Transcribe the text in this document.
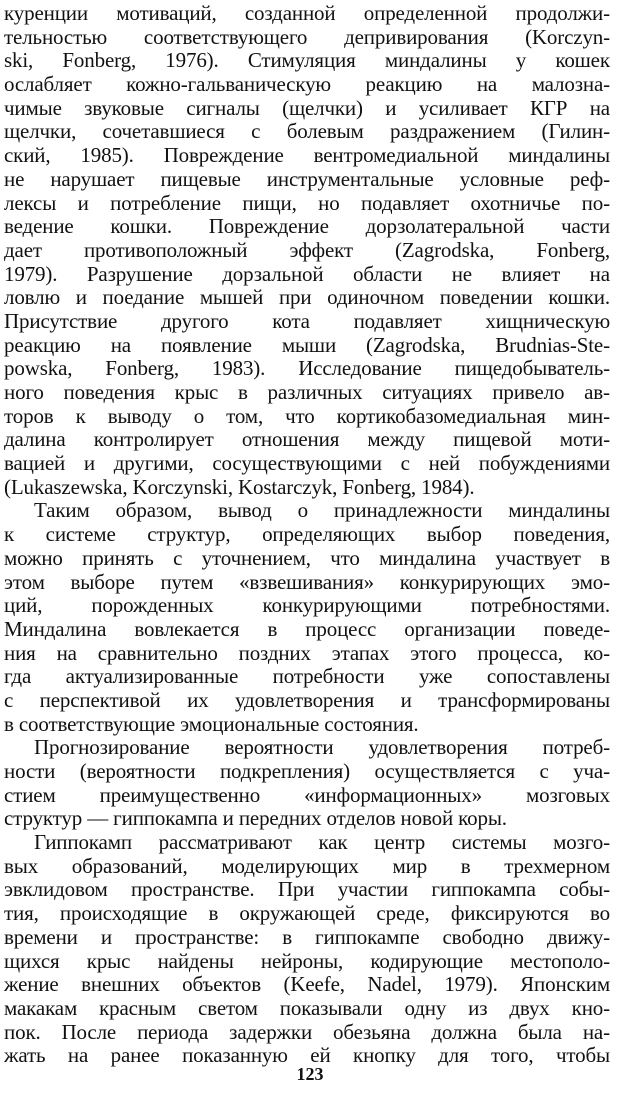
куренции мотиваций, созданной определенной продолжи-
тельностью соответствующего депривирования (Korczyn-
ski, Fonberg, 1976). Стимуляция миндалины у кошек
ослабляет кожно-гальваническую реакцию на малозна-
чимые звуковые сигналы (щелчки) и усиливает КГР на
щелчки, сочетавшиеся с болевым раздражением (Гилин-
ский, 1985). Повреждение вентромедиальной миндалины
не нарушает пищевые инструментальные условные реф-
лексы и потребление пищи, но подавляет охотничье по-
ведение кошки. Повреждение дорзолатеральной части
дает противоположный эффект (Zagrodska, Fonberg,
1979). Разрушение дорзальной области не влияет на
ловлю и поедание мышей при одиночном поведении кошки.
Присутствие другого кота подавляет хищническую
реакцию на появление мыши (Zagrodska, Brudnias-Ste-
powska, Fonberg, 1983). Исследование пищедобыватель-
ного поведения крыс в различных ситуациях привело ав-
торов к выводу о том, что кортикобазомедиальная мин-
далина контролирует отношения между пищевой моти-
вацией и другими, сосуществующими с ней побуждениями
(Lukaszewska, Korczynski, Kostarczyk, Fonberg, 1984).
Таким образом, вывод о принадлежности миндалины
к системе структур, определяющих выбор поведения,
можно принять с уточнением, что миндалина участвует в
этом выборе путем «взвешивания» конкурирующих эмо-
ций, порожденных конкурирующими потребностями.
Миндалина вовлекается в процесс организации поведе-
ния на сравнительно поздних этапах этого процесса, ко-
гда актуализированные потребности уже сопоставлены
с перспективой их удовлетворения и трансформированы
в соответствующие эмоциональные состояния.
Прогнозирование вероятности удовлетворения потреб-
ности (вероятности подкрепления) осуществляется с уча-
стием преимущественно «информационных» мозговых
структур — гиппокампа и передних отделов новой коры.
Гиппокамп рассматривают как центр системы мозго-
вых образований, моделирующих мир в трехмерном
эвклидовом пространстве. При участии гиппокампа собы-
тия, происходящие в окружающей среде, фиксируются во
времени и пространстве: в гиппокампе свободно движу-
щихся крыс найдены нейроны, кодирующие местополо-
жение внешних объектов (Keefe, Nadel, 1979). Японским
макакам красным светом показывали одну из двух кно-
пок. После периода задержки обезьяна должна была на-
жать на ранее показанную ей кнопку для того, чтобы
123
